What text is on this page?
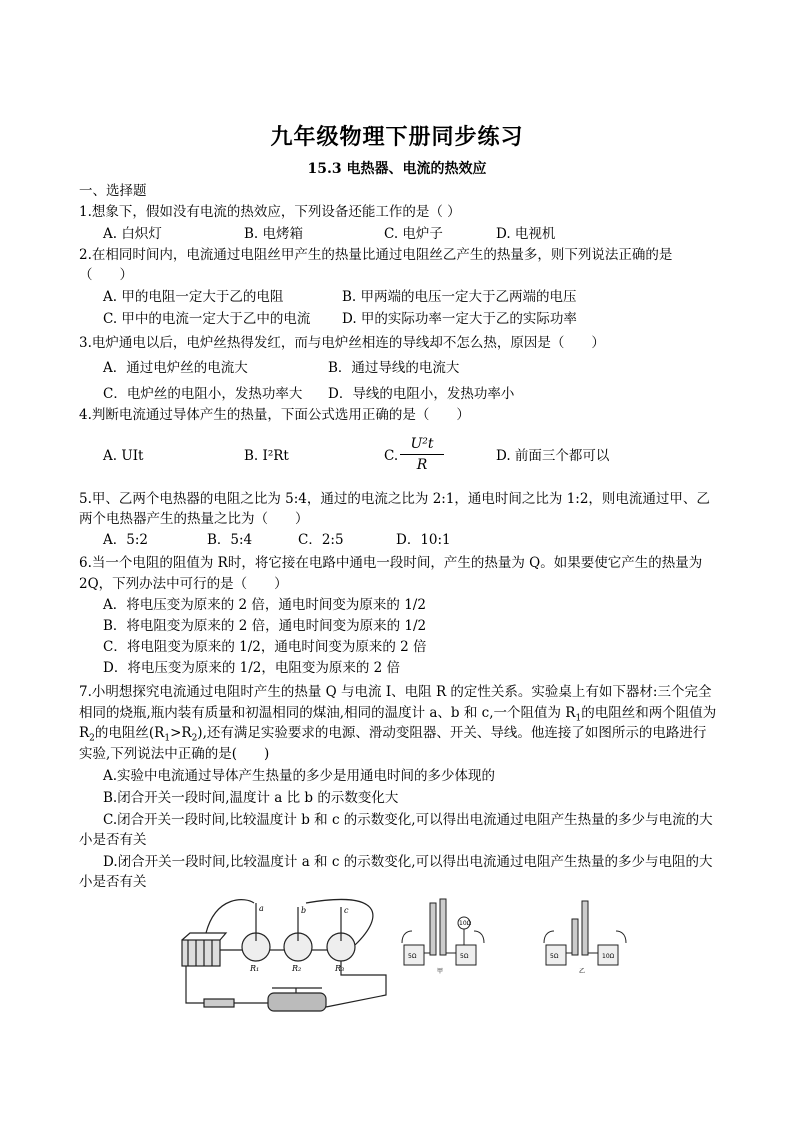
九年级物理下册同步练习
15.3 电热器、电流的热效应
一、选择题
1.想象下，假如没有电流的热效应，下列设备还能工作的是（ ）
A. 白炽灯	B. 电烤箱	C. 电炉子	D. 电视机
2.在相同时间内，电流通过电阻丝甲产生的热量比通过电阻丝乙产生的热量多，则下列说法正确的是
（　　）
A. 甲的电阻一定大于乙的电阻	B. 甲两端的电压一定大于乙两端的电压
C. 甲中的电流一定大于乙中的电流 D. 甲的实际功率一定大于乙的实际功率
3.电炉通电以后，电炉丝热得发红，而与电炉丝相连的导线却不怎么热，原因是（　　）
A．通过电炉丝的电流大	B．通过导线的电流大
C．电炉丝的电阻小，发热功率大 D．导线的电阻小，发热功率小
4.判断电流通过导体产生的热量，下面公式选用正确的是（　　）
A. UIt	B. I²Rt	C. $\frac{\text{U²t}}{R}$	D. 前面三个都可以
5.甲、乙两个电热器的电阻之比为 5:4，通过的电流之比为 2:1，通电时间之比为 1:2，则电流通过甲、乙
两个电热器产生的热量之比为（　　）
A．5:2	B．5:4	C．2:5	D．10:1
6.当一个电阻的阻值为 R时，将它接在电路中通电一段时间，产生的热量为 Q。如果要使它产生的热量为
2Q，下列办法中可行的是（　　）
A．将电压变为原来的 2 倍，通电时间变为原来的 1/2
B．将电阻变为原来的 2 倍，通电时间变为原来的 1/2
C．将电阻变为原来的 1/2，通电时间变为原来的 2 倍
D．将电压变为原来的 1/2，电阻变为原来的 2 倍
7.小明想探究电流通过电阻时产生的热量 Q 与电流 I、电阻 R 的定性关系。实验桌上有如下器材:三个完全
相同的烧瓶,瓶内装有质量和初温相同的煤油,相同的温度计 a、b 和 c,一个阻值为 $R_1$的电阻丝和两个阻值为
$R_2$的电阻丝$(R_1>R_2)$,还有满足实验要求的电源、滑动变阻器、开关、导线。他连接了如图所示的电路进行
实验,下列说法中正确的是(　　)
A.实验中电流通过导体产生热量的多少是用通电时间的多少体现的
B.闭合开关一段时间,温度计 a 比 b 的示数变化大
C.闭合开关一段时间,比较温度计 b 和 c 的示数变化,可以得出电流通过电阻产生热量的多少与电流的大
小是否有关
D.闭合开关一段时间,比较温度计 a 和 c 的示数变化,可以得出电流通过电阻产生热量的多少与电阻的大
小是否有关
a	b	c
R₁	R₂	R₃
5Ω	5Ω
10Ω
甲
5Ω	10Ω
乙
